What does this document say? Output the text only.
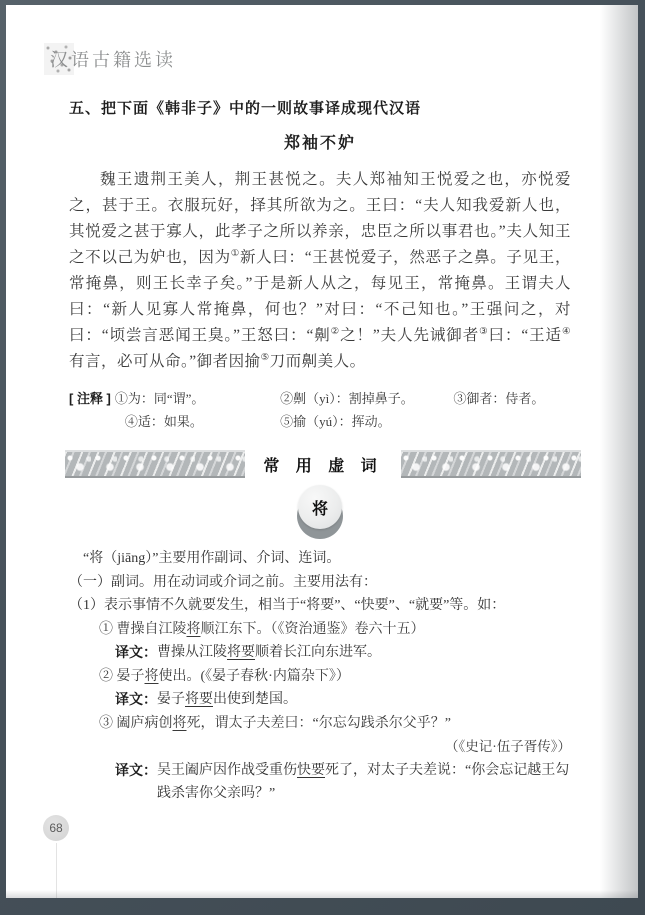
汉语古籍选读
五、把下面《韩非子》中的一则故事译成现代汉语
郑袖不妒

魏王遗荆王美人，荆王甚悦之。夫人郑袖知王悦爱之也，亦悦爱之，甚于王。衣服玩好，择其所欲为之。王曰：“夫人知我爱新人也，其悦爱之甚于寡人，此孝子之所以养亲，忠臣之所以事君也。”夫人知王之不以己为妒也，因为①新人曰：“王甚悦爱子，然恶子之鼻。子见王，常掩鼻，则王长幸子矣。”于是新人从之，每见王，常掩鼻。王谓夫人曰：“新人见寡人常掩鼻，何也？”对曰：“不己知也。”王强问之，对曰：“顷尝言恶闻王臭。”王怒曰：“劓②之！”夫人先诫御者③曰：“王适④有言，必可从命。”御者因揄⑤刀而劓美人。

[ 注释 ] ①为：同“谓”。	②劓（yì）：割掉鼻子。	③御者：侍者。
④适：如果。	⑤揄（yú）：挥动。
常 用 虚 词
将

“将（jiāng）”主要用作副词、介词、连词。

（一）副词。用在动词或介词之前。主要用法有：

（1）表示事情不久就要发生，相当于“将要”、“快要”、“就要”等。如：

① 曹操自江陵将顺江东下。（《资治通鉴》卷六十五）

译文： 曹操从江陵将要顺着长江向东进军。

② 晏子将使出。(《晏子春秋·内篇杂下》）

译文： 晏子将要出使到楚国。

③ 阖庐病创将死，谓太子夫差曰：“尔忘勾践杀尔父乎？”

（《史记·伍子胥传》）

译文： 吴王阖庐因作战受重伤快要死了，对太子夫差说：“你会忘记越王勾践杀害你父亲吗？”
68
